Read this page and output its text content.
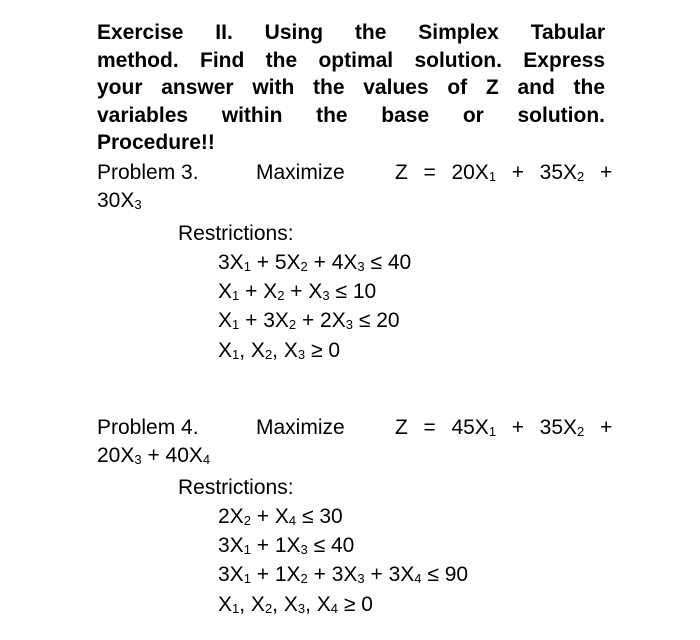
Exercise II. Using the Simplex Tabular
method. Find the optimal solution. Express
your answer with the values of Z and the
variables within the base or solution.
Procedure!!
Problem 3.	Maximize $Z = 20X_1 + 35X_2$ +
$30X_3$
Restrictions:
$3X_1 + 5X_2 + 4X_3 \le 40$
$X_1 + X_2 + X_3 \le 10$
$X_1 + 3X_2 + 2X_3 \le 20$
$X_1$, $X_2$, $X_3 \ge 0$
Problem 4.	Maximize $Z = 45X_1 + 35X_2$ +
$20X_3 + 40X_4$
Restrictions:
$2X_2 + X_4 \le 30$
$3X_1 + 1X_3 \le 40$
$3X_1 + 1X_2 + 3X_3 + 3X_4 \le 90$
$X_1$, $X_2$, $X_3$, $X_4 \ge 0$
